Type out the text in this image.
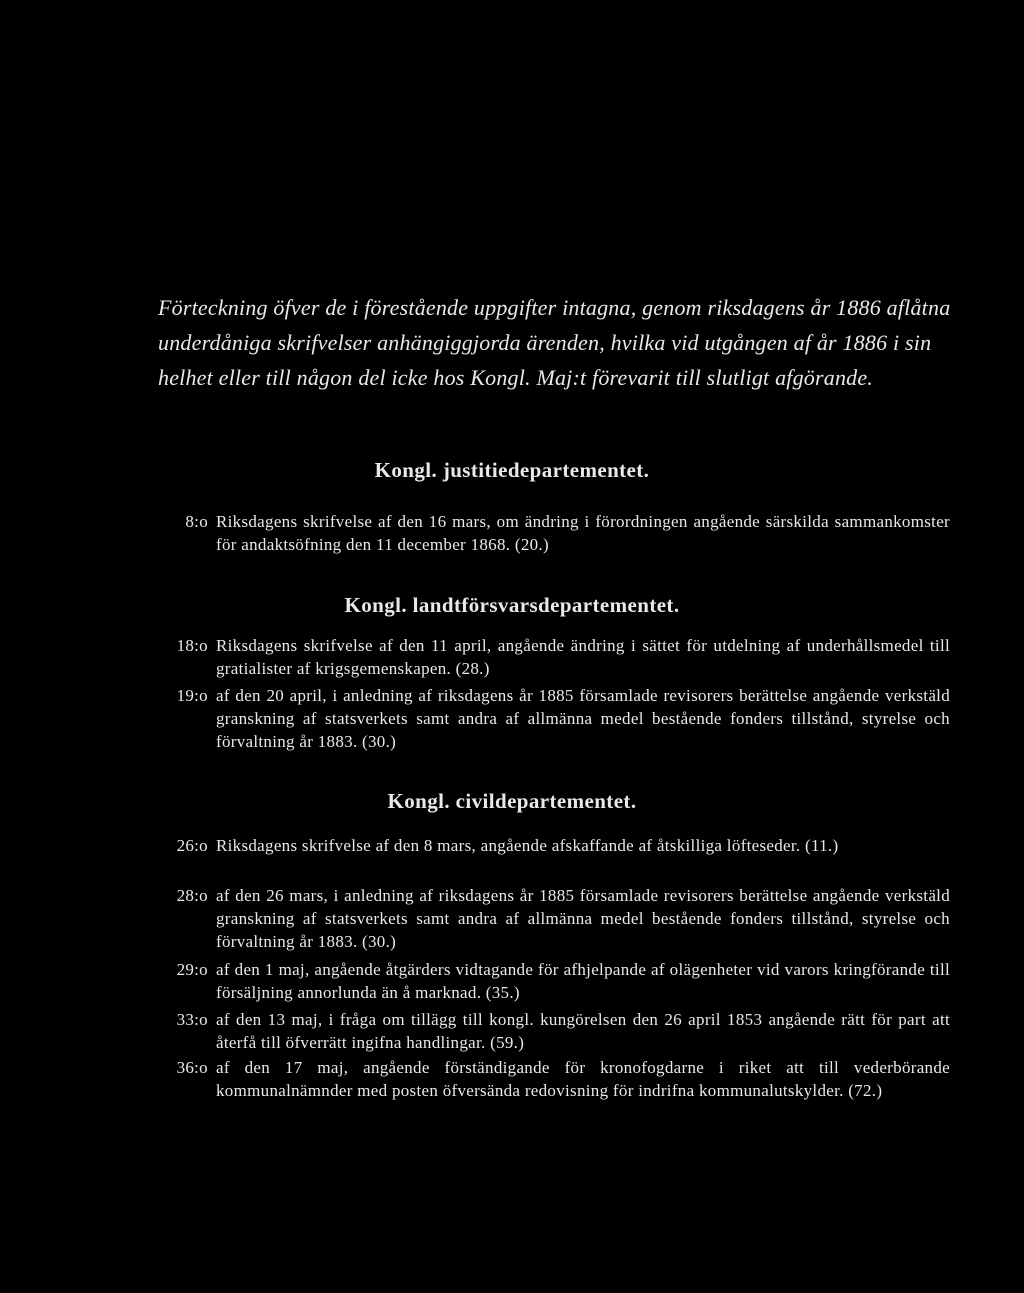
Förteckning öfver de i förestående uppgifter intagna, genom riksdagens år 1886 aflåtna underdåniga skrifvelser anhängiggjorda ärenden, hvilka vid utgången af år 1886 i sin helhet eller till någon del icke hos Kongl. Maj:t förevarit till slutligt afgörande.

Kongl. justitiedepartementet.
8:o Riksdagens skrifvelse af den 16 mars, om ändring i förordningen angående särskilda sammankomster för andaktsöfning den 11 december 1868. (20.)
Kongl. landtförsvarsdepartementet.
18:o Riksdagens skrifvelse af den 11 april, angående ändring i sättet för utdelning af underhållsmedel till gratialister af krigsgemenskapen. (28.)
19:o af den 20 april, i anledning af riksdagens år 1885 församlade revisorers berättelse angående verkstäld granskning af statsverkets samt andra af allmänna medel bestående fonders tillstånd, styrelse och förvaltning år 1883. (30.)
Kongl. civildepartementet.
26:o Riksdagens skrifvelse af den 8 mars, angående afskaffande af åtskilliga löfteseder. (11.)
28:o af den 26 mars, i anledning af riksdagens år 1885 församlade revisorers berättelse angående verkstäld granskning af statsverkets samt andra af allmänna medel bestående fonders tillstånd, styrelse och förvaltning år 1883. (30.)
29:o af den 1 maj, angående åtgärders vidtagande för afhjelpande af olägenheter vid varors kringförande till försäljning annorlunda än å marknad. (35.)
33:o af den 13 maj, i fråga om tillägg till kongl. kungörelsen den 26 april 1853 angående rätt för part att återfå till öfverrätt ingifna handlingar. (59.)
36:o af den 17 maj, angående förständigande för kronofogdarne i riket att till vederbörande kommunalnämnder med posten öfversända redovisning för indrifna kommunalutskylder. (72.)
